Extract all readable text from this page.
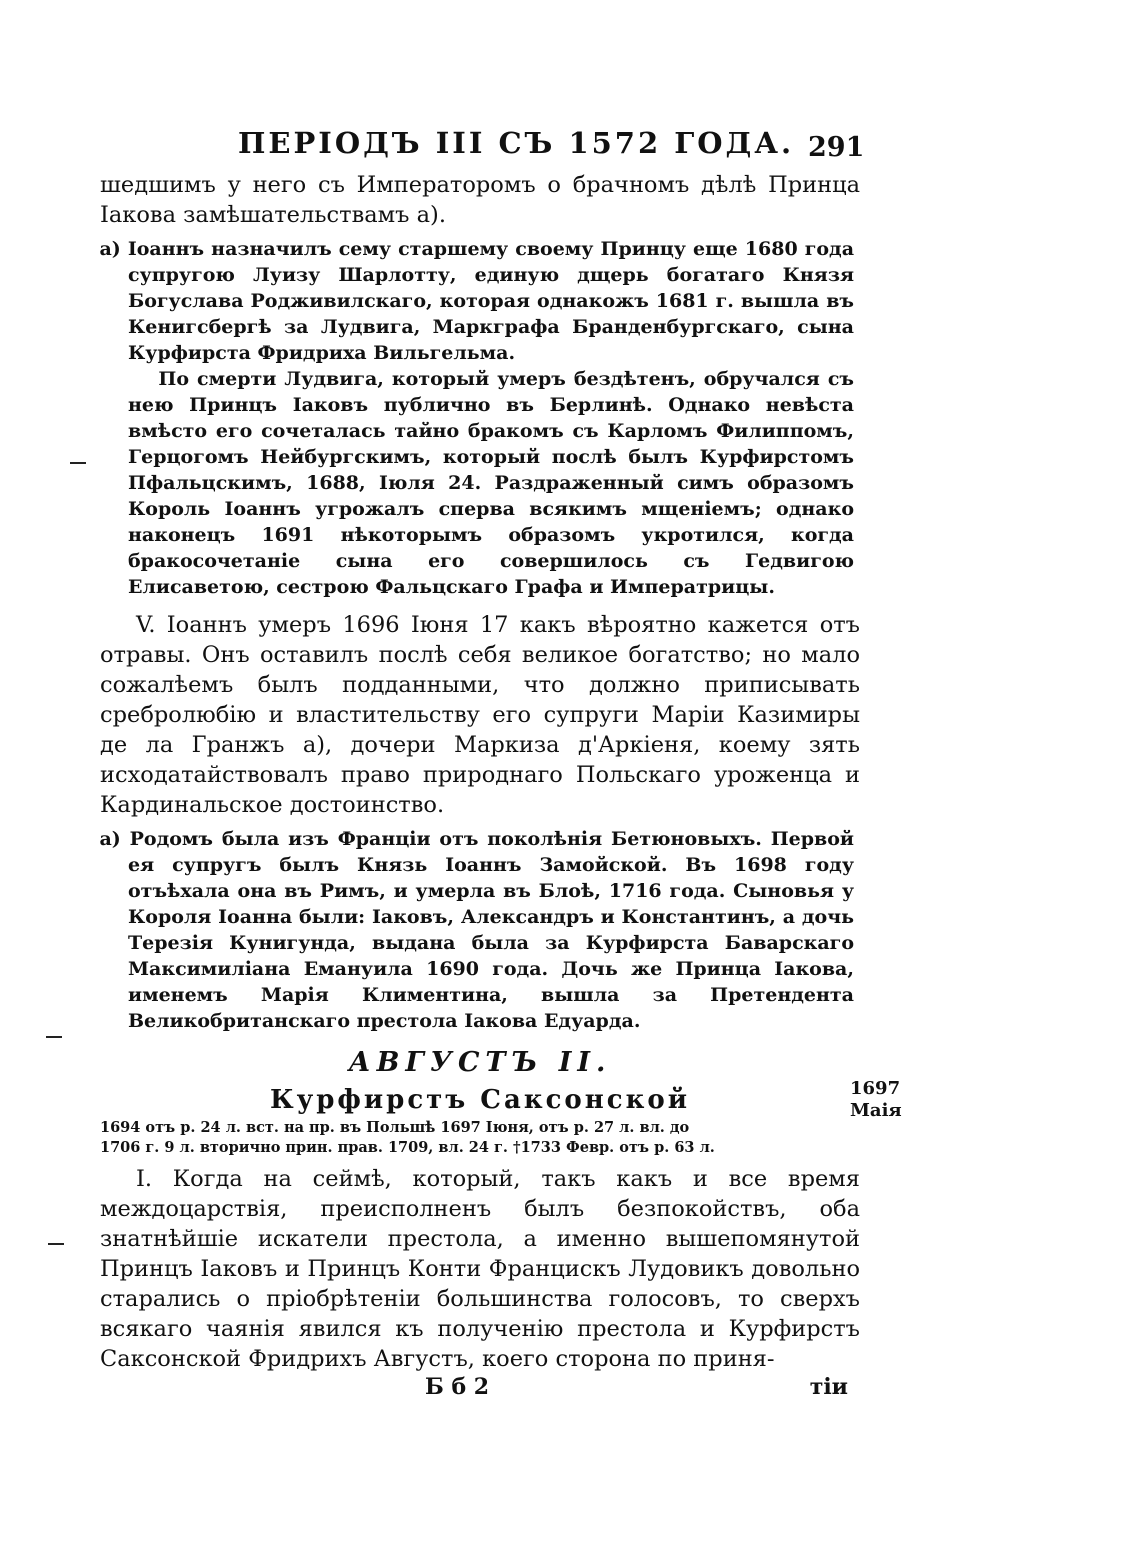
ПЕРІОДЪ III СЪ 1572 ГОДА. 291

шедшимъ у него съ Императоромъ о брачномъ дѣлѣ Принца Іакова замѣшательствамъ а).

а) Іоаннъ назначилъ сему старшему своему Принцу еще 1680 года супругою Луизу Шарлотту, единую дщерь богатаго Князя Богуслава Родживилскаго, которая однакожъ 1681 г. вышла въ Кенигсбергѣ за Лудвига, Маркграфа Бранденбургскаго, сына Курфирста Фридриха Вильгельма.

По смерти Лудвига, который умеръ бездѣтенъ, обручался съ нею Принцъ Іаковъ публично въ Берлинѣ. Однако невѣста вмѣсто его сочеталась тайно бракомъ съ Карломъ Филиппомъ, Герцогомъ Нейбургскимъ, который послѣ былъ Курфирстомъ Пфальцскимъ, 1688, Іюля 24. Раздраженный симъ образомъ Король Іоаннъ угрожалъ сперва всякимъ мщеніемъ; однако наконецъ 1691 нѣкоторымъ образомъ укротился, когда бракосочетаніе сына его совершилось съ Гедвигою Елисаветою, сестрою Фальцскаго Графа и Императрицы.

V. Іоаннъ умеръ 1696 Іюня 17 какъ вѣроятно кажется отъ отравы. Онъ оставилъ послѣ себя великое богатство; но мало сожалѣемъ былъ подданными, что должно приписывать сребролюбію и властительству его супруги Маріи Казимиры де ла Гранжъ а), дочери Маркиза д'Аркіеня, коему зять исходатайствовалъ право природнаго Польскаго уроженца и Кардинальское достоинство.

а) Родомъ была изъ Франціи отъ поколѣнія Бетюновыхъ. Первой ея супругъ былъ Князь Іоаннъ Замойской. Въ 1698 году отъѣхала она въ Римъ, и умерла въ Блоѣ, 1716 года. Сыновья у Короля Іоанна были: Іаковъ, Александръ и Константинъ, а дочь Терезія Кунигунда, выдана была за Курфирста Баварскаго Максимиліана Емануила 1690 года. Дочь же Принца Іакова, именемъ Марія Климентина, вышла за Претендента Великобританскаго престола Іакова Едуарда.

АВГУСТЪ II.

Курфирстъ Саксонской

1694 отъ р. 24 л. вст. на пр. въ Польшѣ 1697 Іюня, отъ р. 27 л. вл. до

1706 г. 9 л. вторично прин. прав. 1709, вл. 24 г. †1733 Февр. отъ р. 63 л.

I. Когда на сеймѣ, который, такъ какъ и все время междоцарствія, преисполненъ былъ безпокойствъ, оба знатнѣйшіе искатели престола, а именно вышепомянутой Принцъ Іаковъ и Принцъ Конти Францискъ Лудовикъ довольно старались о пріобрѣтеніи большинства голосовъ, то сверхъ всякаго чаянія явился къ полученію престола и Курфирстъ Саксонской Фридрихъ Августъ, коего сторона по приня-

Б б 2	тіи
1697
Маія
